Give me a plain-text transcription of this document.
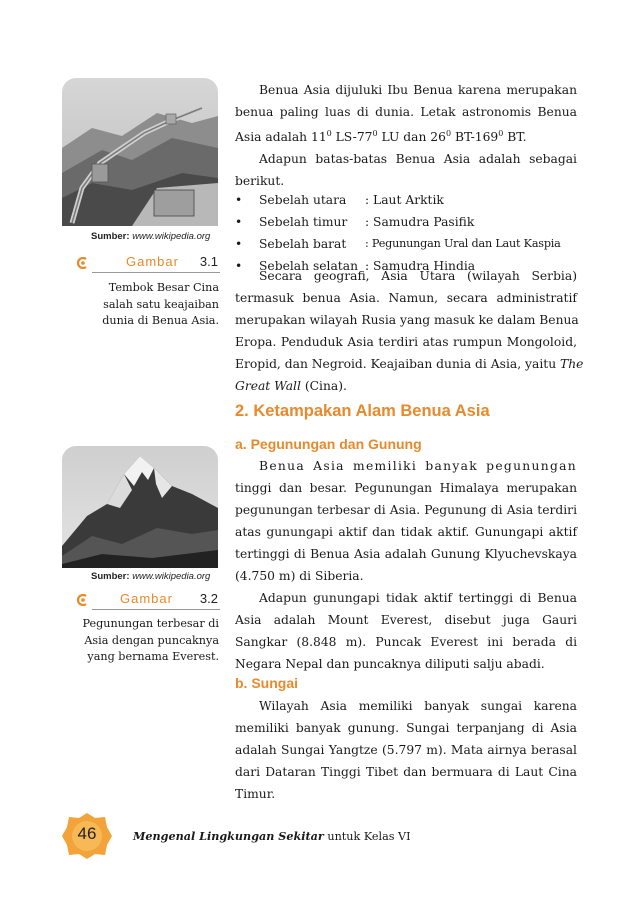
Sumber: www.wikipedia.org
Gambar 3.1
Tembok Besar Cina
salah satu keajaiban
dunia di Benua Asia.
Sumber: www.wikipedia.org
Gambar 3.2
Pegunungan terbesar di
Asia dengan puncaknya
yang bernama Everest.
Benua Asia dijuluki Ibu Benua karena merupakan
benua paling luas di dunia. Letak astronomis Benua
Asia adalah $11^0$ $LS-77^0$ LU dan $26^0$ $BT-169^0$ BT.
Adapun batas-batas Benua Asia adalah sebagai
berikut.
• Sebelah utara : Laut Arktik
• Sebelah timur : Samudra Pasifik
• Sebelah barat : Pegunungan Ural dan Laut Kaspia
• Sebelah selatan : Samudra Hindia
Secara geografi, Asia Utara (wilayah Serbia)
termasuk benua Asia. Namun, secara administratif
merupakan wilayah Rusia yang masuk ke dalam Benua
Eropa. Penduduk Asia terdiri atas rumpun Mongoloid,
Eropid, dan Negroid. Keajaiban dunia di Asia, yaitu The
Great Wall (Cina).
2. Ketampakan Alam Benua Asia
a. Pegunungan dan Gunung
Benua Asia memiliki banyak pegunungan
tinggi dan besar. Pegunungan Himalaya merupakan
pegunungan terbesar di Asia. Pegunung di Asia terdiri
atas gunungapi aktif dan tidak aktif. Gunungapi aktif
tertinggi di Benua Asia adalah Gunung Klyuchevskaya
(4.750 m) di Siberia.
Adapun gunungapi tidak aktif tertinggi di Benua
Asia adalah Mount Everest, disebut juga Gauri
Sangkar (8.848 m). Puncak Everest ini berada di
Negara Nepal dan puncaknya diliputi salju abadi.
b. Sungai
Wilayah Asia memiliki banyak sungai karena
memiliki banyak gunung. Sungai terpanjang di Asia
adalah Sungai Yangtze (5.797 m). Mata airnya berasal
dari Dataran Tinggi Tibet dan bermuara di Laut Cina
Timur.
46	Mengenal Lingkungan Sekitar untuk Kelas VI
